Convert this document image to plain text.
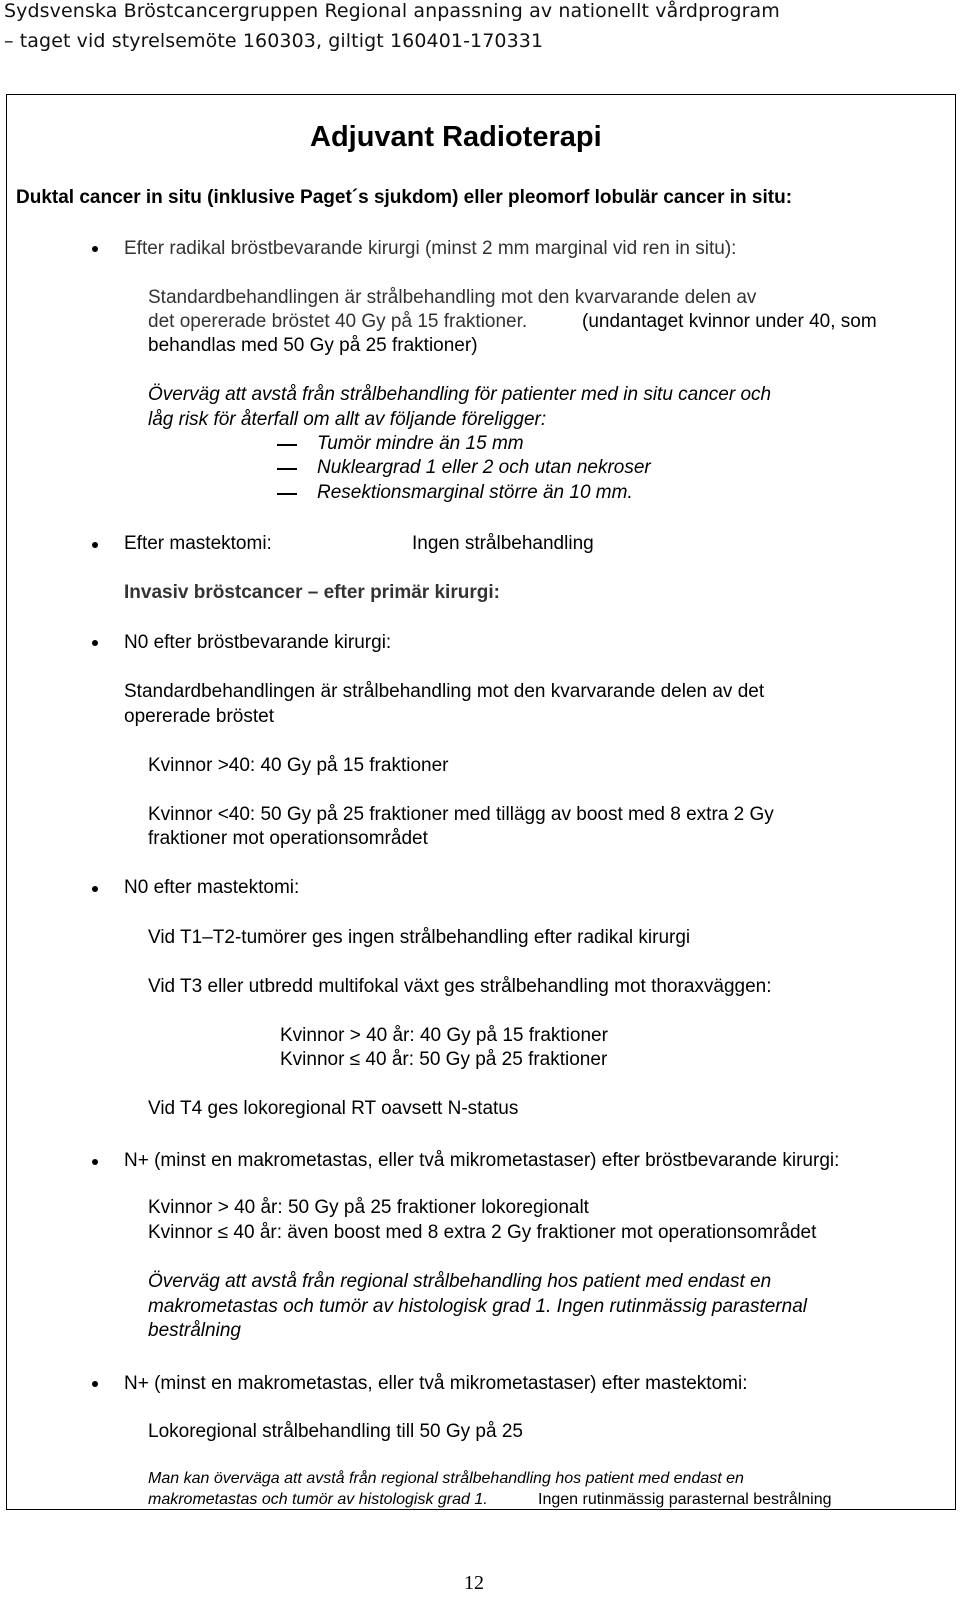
Sydsvenska Bröstcancergruppen Regional anpassning av nationellt vårdprogram
– taget vid styrelsemöte 160303, giltigt 160401-170331
Adjuvant Radioterapi
Duktal cancer in situ (inklusive Paget´s sjukdom) eller pleomorf lobulär cancer in situ:
Efter radikal bröstbevarande kirurgi (minst 2 mm marginal vid ren in situ):
Standardbehandlingen är strålbehandling mot den kvarvarande delen av
det opererade bröstet 40 Gy på 15 fraktioner.	(undantaget kvinnor under 40, som
behandlas med 50 Gy på 25 fraktioner)
Överväg att avstå från strålbehandling för patienter med in situ cancer och
låg risk för återfall om allt av följande föreligger:
Tumör mindre än 15 mm
Nukleargrad 1 eller 2 och utan nekroser
Resektionsmarginal större än 10 mm.
Efter mastektomi:	Ingen strålbehandling
Invasiv bröstcancer – efter primär kirurgi:
N0 efter bröstbevarande kirurgi:
Standardbehandlingen är strålbehandling mot den kvarvarande delen av det
opererade bröstet
Kvinnor >40: 40 Gy på 15 fraktioner
Kvinnor <40: 50 Gy på 25 fraktioner med tillägg av boost med 8 extra 2 Gy
fraktioner mot operationsområdet
N0 efter mastektomi:
Vid T1–T2-tumörer ges ingen strålbehandling efter radikal kirurgi
Vid T3 eller utbredd multifokal växt ges strålbehandling mot thoraxväggen:
Kvinnor > 40 år: 40 Gy på 15 fraktioner
Kvinnor ≤ 40 år: 50 Gy på 25 fraktioner
Vid T4 ges lokoregional RT oavsett N-status
N+ (minst en makrometastas, eller två mikrometastaser) efter bröstbevarande kirurgi:
Kvinnor > 40 år: 50 Gy på 25 fraktioner lokoregionalt
Kvinnor ≤ 40 år: även boost med 8 extra 2 Gy fraktioner mot operationsområdet
Överväg att avstå från regional strålbehandling hos patient med endast en
makrometastas och tumör av histologisk grad 1. Ingen rutinmässig parasternal
bestrålning
N+ (minst en makrometastas, eller två mikrometastaser) efter mastektomi:
Lokoregional strålbehandling till 50 Gy på 25
Man kan överväga att avstå från regional strålbehandling hos patient med endast en
makrometastas och tumör av histologisk grad 1.	Ingen rutinmässig parasternal bestrålning
12
